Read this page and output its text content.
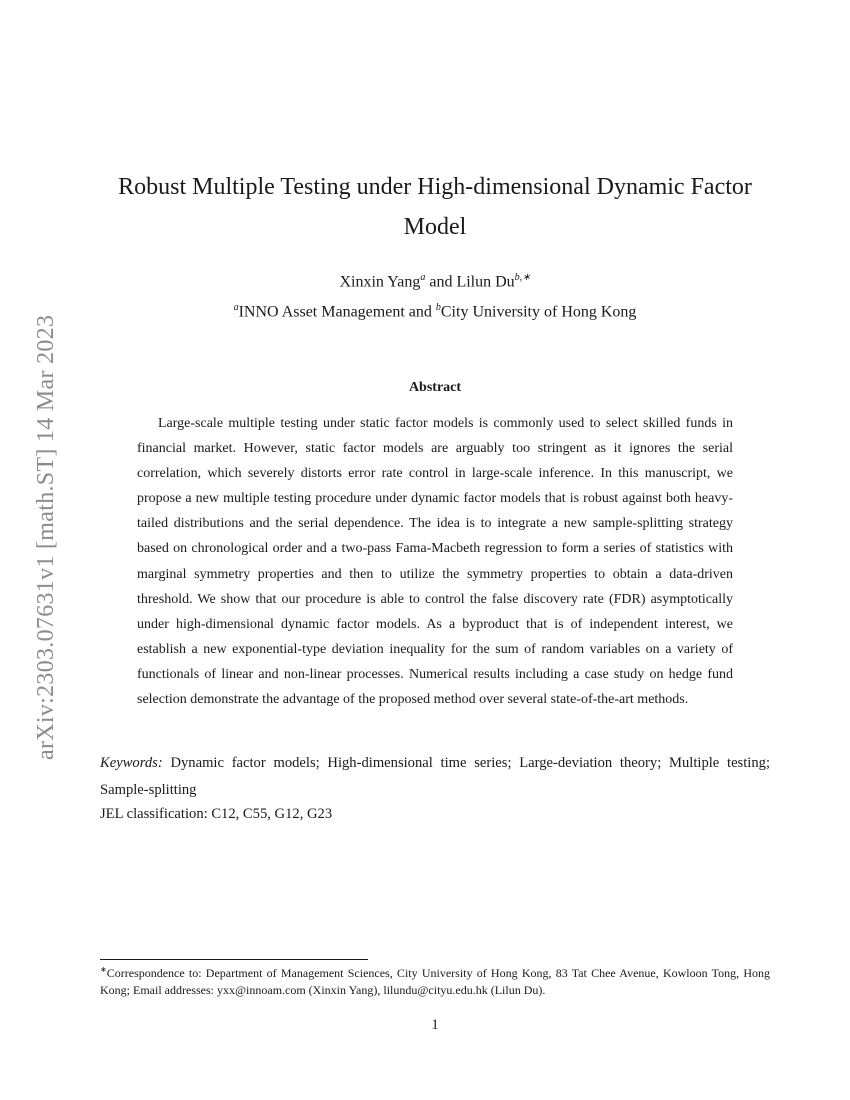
arXiv:2303.07631v1 [math.ST] 14 Mar 2023
Robust Multiple Testing under High-dimensional Dynamic Factor Model
Xinxin Yang$^a$ and Lilun $Du^{b,∗}$
$^a$INNO Asset Management and $^b$City University of Hong Kong
Abstract

Large-scale multiple testing under static factor models is commonly used to select skilled funds in financial market. However, static factor models are arguably too stringent as it ignores the serial correlation, which severely distorts error rate control in large-scale inference. In this manuscript, we propose a new multiple testing procedure under dynamic factor models that is robust against both heavy-tailed distributions and the serial dependence. The idea is to integrate a new sample-splitting strategy based on chronological order and a two-pass Fama-Macbeth regression to form a series of statistics with marginal symmetry properties and then to utilize the symmetry properties to obtain a data-driven threshold. We show that our procedure is able to control the false discovery rate (FDR) asymptotically under high-dimensional dynamic factor models. As a byproduct that is of independent interest, we establish a new exponential-type deviation inequality for the sum of random variables on a variety of functionals of linear and non-linear processes. Numerical results including a case study on hedge fund selection demonstrate the advantage of the proposed method over several state-of-the-art methods.

Keywords: Dynamic factor models; High-dimensional time series; Large-deviation theory; Multiple testing; Sample-splitting

JEL classification: C12, C55, G12, G23

∗Correspondence to: Department of Management Sciences, City University of Hong Kong, 83 Tat Chee Avenue, Kowloon Tong, Hong Kong; Email addresses: yxx@innoam.com (Xinxin Yang), lilundu@cityu.edu.hk (Lilun Du).

1
